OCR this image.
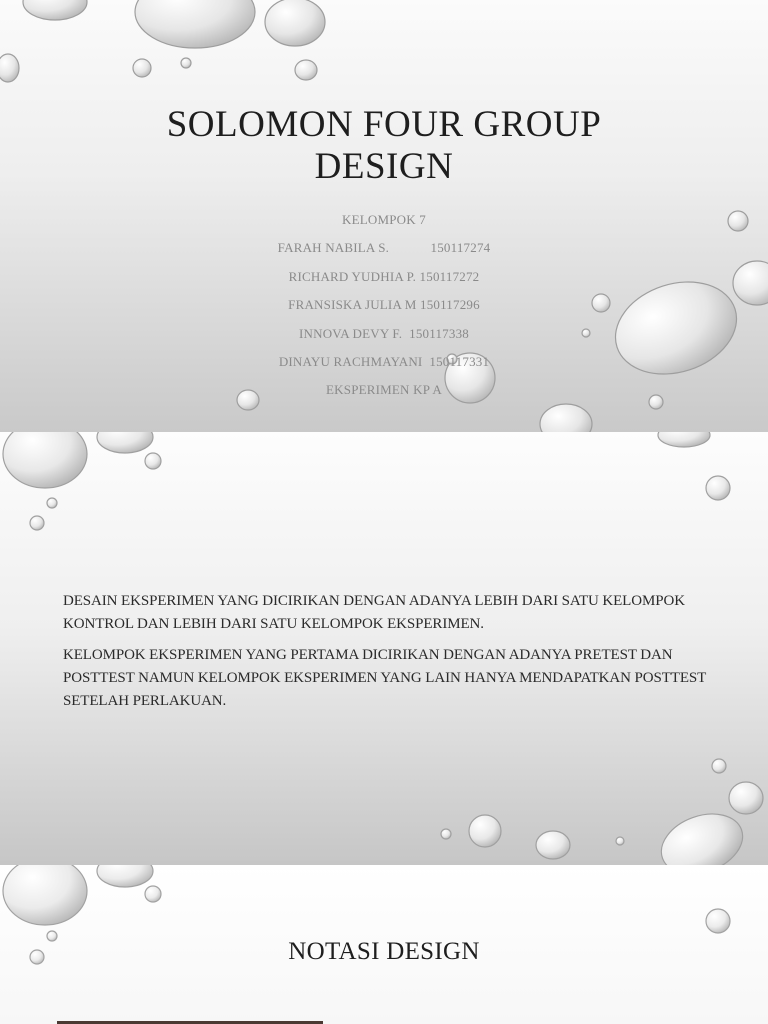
SOLOMON FOUR GROUP
DESIGN
KELOMPOK 7
FARAH NABILA S.            150117274
RICHARD YUDHIA P. 150117272
FRANSISKA JULIA M 150117296
INNOVA DEVY F.  150117338
DINAYU RACHMAYANI  150117331
EKSPERIMEN KP A

DESAIN EKSPERIMEN YANG DICIRIKAN DENGAN ADANYA LEBIH DARI SATU KELOMPOK KONTROL DAN LEBIH DARI SATU KELOMPOK EKSPERIMEN.

KELOMPOK EKSPERIMEN YANG PERTAMA DICIRIKAN DENGAN ADANYA PRETEST DAN POSTTEST NAMUN KELOMPOK EKSPERIMEN YANG LAIN HANYA MENDAPATKAN POSTTEST SETELAH PERLAKUAN.

NOTASI DESIGN
